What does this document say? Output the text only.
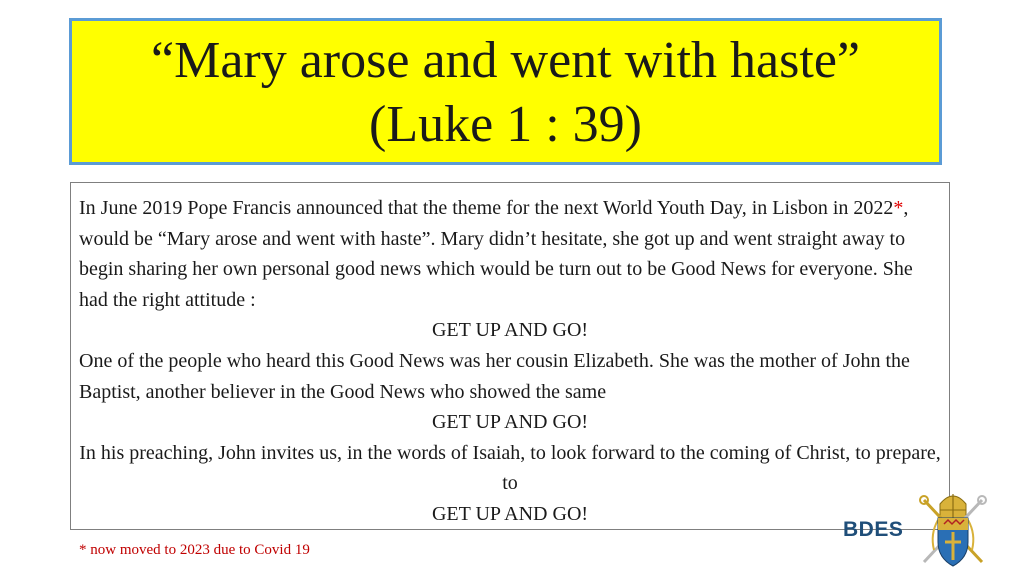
“Mary arose and went with haste”
(Luke 1 : 39)

In June 2019 Pope Francis announced that the theme for the next World Youth Day, in Lisbon in 2022*, would be “Mary arose and went with haste”. Mary didn’t hesitate, she got up and went straight away to begin sharing her own personal good news which would be turn out to be Good News for everyone. She had the right attitude :

GET UP AND GO!

One of the people who heard this Good News was her cousin Elizabeth. She was the mother of John the Baptist, another believer in the Good News who showed the same

GET UP AND GO!

In his preaching, John invites us, in the words of Isaiah, to look forward to the coming of Christ, to prepare, to

GET UP AND GO!

* now moved to 2023 due to Covid 19
BDES
